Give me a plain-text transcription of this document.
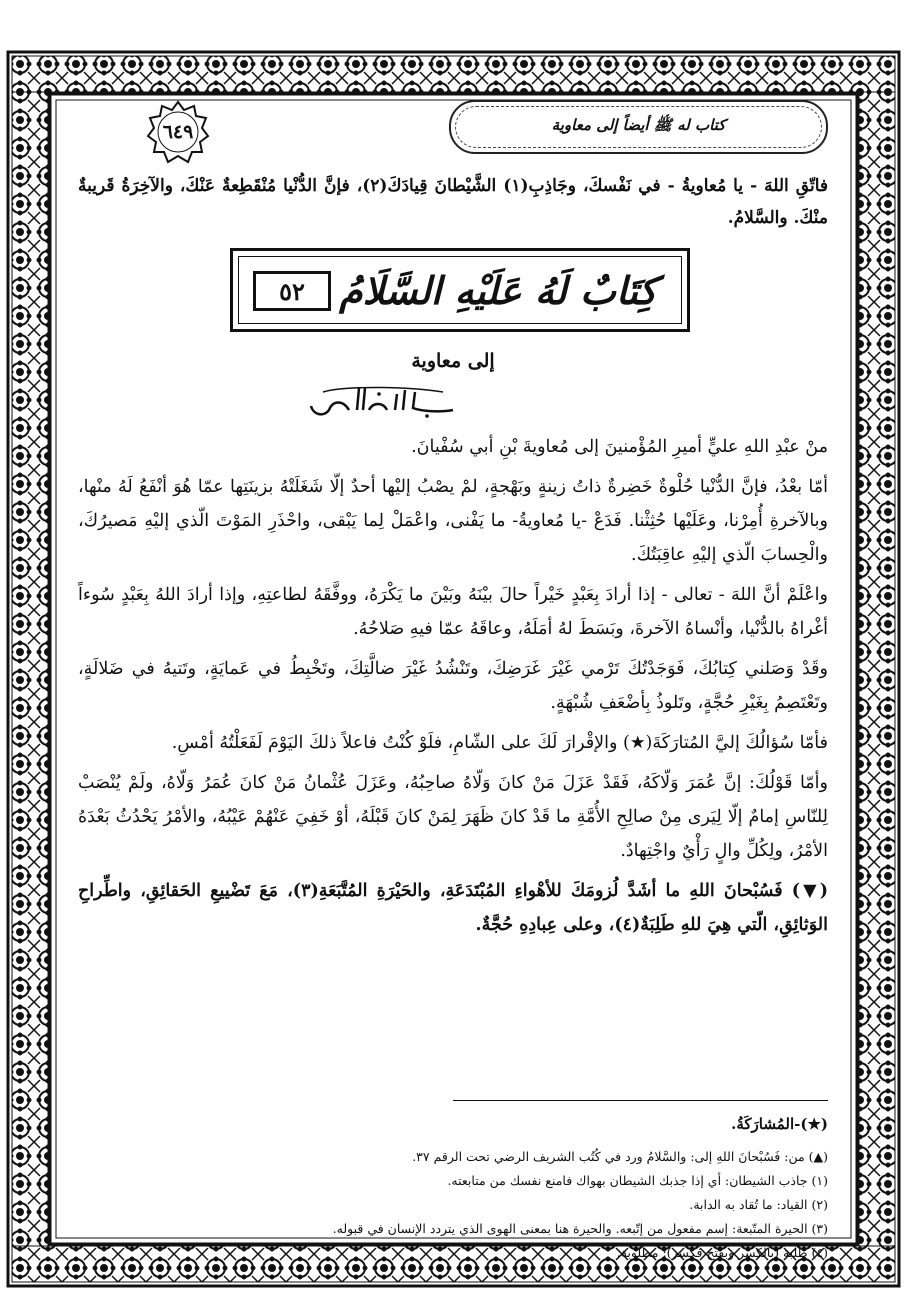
كتاب له ﷺ أيضاً إلى معاوية
٦٤٩
فاتّقِ اللهَ - يا مُعاويةُ - في نَفْسكَ، وجَاذِبِ(١) الشَّيْطانَ قِيادَكَ(٢)، فإنَّ الدُّنْيا مُنْقَطِعةٌ عَنْكَ، والآخِرَةُ قَريبةٌ منْكَ. والسَّلامُ.
كِتَابٌ لَهُ عَلَيْهِ السَّلَامُ
٥٢
إلى معاوية

منْ عبْدِ اللهِ عليٍّ أميرِ المُؤْمنينَ إلى مُعاويةَ بْنِ أبي سُفْيانَ.

أمّا بعْدُ، فإنَّ الدُّنْيا حُلْوةٌ خَضِرةٌ ذاتُ زينةٍ وبَهْجةٍ، لمْ يصْبُ إليْها أحدٌ إلّا شَغَلَتْهُ بزينَتِها عمّا هُوَ أنْفَعُ لَهُ منْها، وبالآخرةِ أُمِرْنا، وعَلَيْها حُثِثْنا. فَدَعْ -يا مُعاويةُ- ما يَفْنى، واعْمَلْ لِما يَبْقى، واحْذَرِ المَوْتَ الّذي إليْهِ مَصيرُكَ، والْحِسابَ الّذي إليْهِ عاقِبَتُكَ.

واعْلَمْ أنَّ اللهَ - تعالى - إذا أرادَ بِعَبْدٍ خَيْراً حالَ بيْنَهُ وبَيْنَ ما يَكْرَهُ، ووفَّقَهُ لطاعتِهِ، وإذا أرادَ اللهُ بِعَبْدٍ سُوءاً أغْراهُ بالدُّنْيا، وأنْساهُ الآخرةَ، وبَسَطَ لهُ أمَلَهُ، وعاقَهُ عمّا فيهِ صَلاحُهُ.

وقَدْ وَصَلني كِتابُكَ، فَوَجَدْتُكَ تَرْمي غَيْرَ غَرَضِكَ، وتَنْشُدُ غَيْرَ ضالَّتِكَ، وتَخْبِطُ في عَمايَةٍ، وتَتيهُ في ضَلالَةٍ، وتَعْتَصِمُ بِغَيْرِ حُجَّةٍ، وتَلوذُ بِأضْعَفِ شُبْهَةٍ.

فأمّا سُؤالُكَ إليَّ المُتارَكَةَ(★) والإقْرارَ لَكَ على الشّامِ، فلَوْ كُنْتُ فاعلاً ذلكَ اليَوْمَ لَفَعَلْتُهُ أمْسِ.

وأمّا قَوْلُكَ: إنَّ عُمَرَ وَلّاكَهُ، فَقَدْ عَزَلَ مَنْ كانَ وَلّاهُ صاحِبُهُ، وعَزَلَ عُثْمانُ مَنْ كانَ عُمَرُ وَلّاهُ، ولَمْ يُنْصَبْ لِلنّاسِ إمامٌ إلّا لِيَرى مِنْ صالِحِ الأُمَّةِ ما قَدْ كانَ ظَهَرَ لِمَنْ كانَ قَبْلَهُ، أوْ خَفِيَ عَنْهُمْ عَيْبُهُ، والأمْرُ يَحْدُثُ بَعْدَهُ الأمْرُ، ولِكُلِّ والٍ رَأْيٌ واجْتِهادٌ.

(▼) فَسُبْحانَ اللهِ ما أشَدَّ لُزومَكَ للأهْواءِ المُبْتَدَعَةِ، والحَيْرَةِ المُتَّبَعَةِ(٣)، مَعَ تَضْييعِ الحَقائِقِ، واطِّراحِ الوَثائِقِ، الّتي هِيَ للهِ طَلِبَةٌ(٤)، وعلى عِبادِهِ حُجَّةٌ.

(★)-المُشارَكَةُ.
(▲) من: فَسُبْحانَ اللهِ إلى: والسَّلامُ ورد في كُتُب الشريف الرضي تحت الرقم ٣٧.
(١) جاذب الشيطان: أي إذا جذبك الشيطان بهواك فامنع نفسك من متابعته.
(٢) القياد: ما تُقاد به الدابة.
(٣) الحيرة المتّبعة: إسم مفعول من إتّبعه. والحيرة هنا بمعنى الهوى الذي يتردد الإنسان في قبوله.
(٤) طلبة (بالكسر وبفتح فكسر): مطلوبة.
